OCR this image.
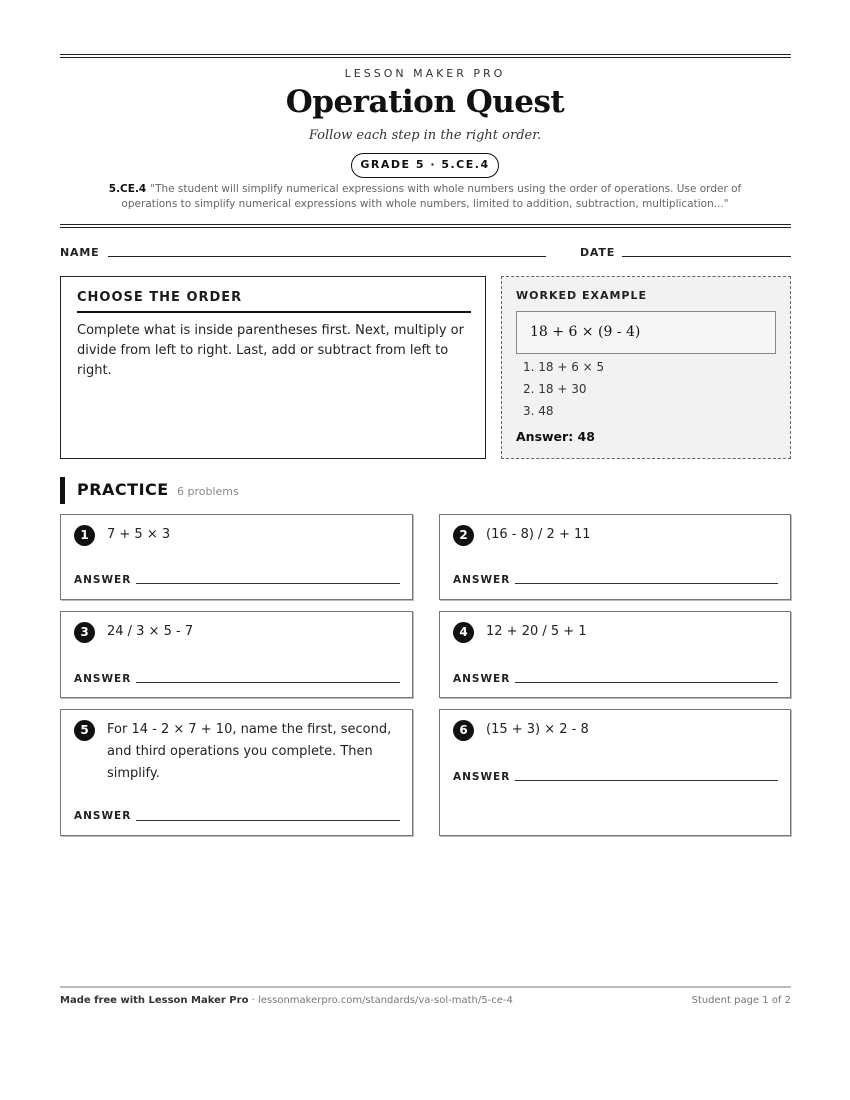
LESSON MAKER PRO
Operation Quest
Follow each step in the right order.
GRADE 5 · 5.CE.4
5.CE.4 "The student will simplify numerical expressions with whole numbers using the order of operations. Use order of operations to simplify numerical expressions with whole numbers, limited to addition, subtraction, multiplication..."
NAME	DATE
CHOOSE THE ORDER
Complete what is inside parentheses first. Next, multiply or divide from left to right. Last, add or subtract from left to right.
WORKED EXAMPLE
18 + 6 × (9 - 4)
1. 18 + 6 × 5
2. 18 + 30
3. 48
Answer: 48
PRACTICE 6 problems
1	7 + 5 × 3
ANSWER
2	(16 - 8) / 2 + 11
ANSWER
3	24 / 3 × 5 - 7
ANSWER
4	12 + 20 / 5 + 1
ANSWER
5	For 14 - 2 × 7 + 10, name the first, second, and third operations you complete. Then simplify.
ANSWER
6	(15 + 3) × 2 - 8
ANSWER
Made free with Lesson Maker Pro · lessonmakerpro.com/standards/va-sol-math/5-ce-4	Student page 1 of 2
